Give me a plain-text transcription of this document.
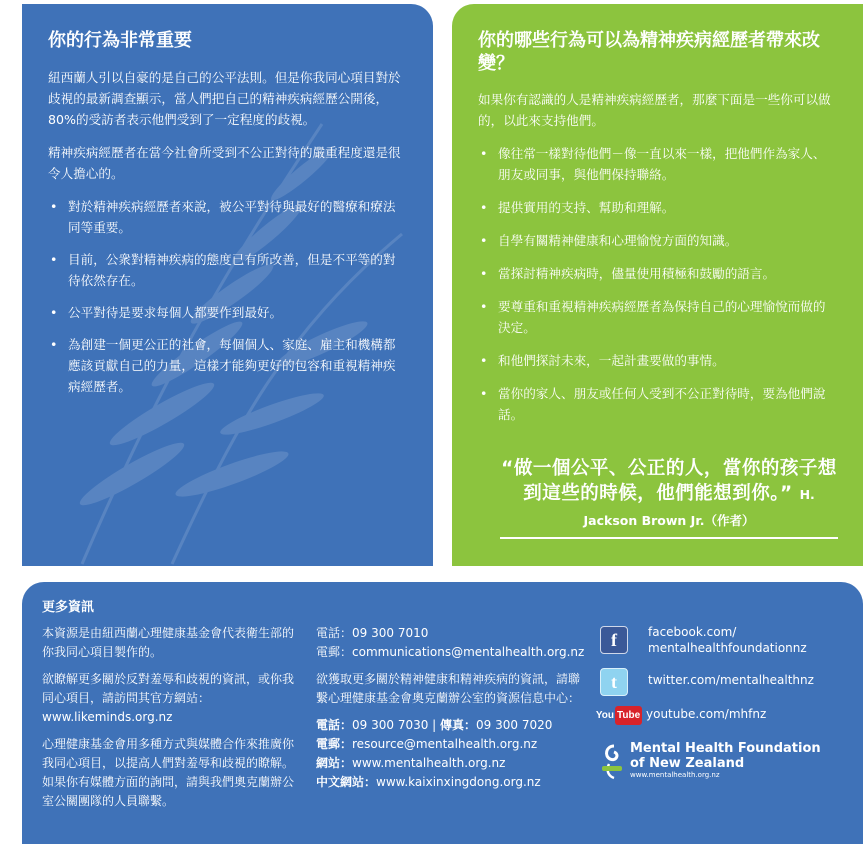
你的行為非常重要

紐西蘭人引以自豪的是自己的公平法則。但是你我同心項目對於歧視的最新調查顯示，當人們把自己的精神疾病經歷公開後，80%的受訪者表示他們受到了一定程度的歧視。

精神疾病經歷者在當今社會所受到不公正對待的嚴重程度還是很令人擔心的。

• 對於精神疾病經歷者來說，被公平對待與最好的醫療和療法同等重要。
• 目前，公衆對精神疾病的態度已有所改善，但是不平等的對待依然存在。
• 公平對待是要求每個人都要作到最好。
• 為創建一個更公正的社會，每個個人、家庭、雇主和機構都應該貢獻自己的力量，這樣才能夠更好的包容和重視精神疾病經歷者。
你的哪些行為可以為精神疾病經歷者帶來改變？

如果你有認識的人是精神疾病經歷者，那麼下面是一些你可以做的，以此來支持他們。

• 像往常一樣對待他們－像一直以來一樣，把他們作為家人、朋友或同事，與他們保持聯絡。
• 提供實用的支持、幫助和理解。
• 自學有關精神健康和心理愉悅方面的知識。
• 當探討精神疾病時，儘量使用積極和鼓勵的語言。
• 要尊重和重視精神疾病經歷者為保持自己的心理愉悅而做的決定。
• 和他們探討未來，一起計畫要做的事情。
• 當你的家人、朋友或任何人受到不公正對待時，要為他們說話。
“做一個公平、公正的人，當你的孩子想到這些的時候，他們能想到你。” H. Jackson Brown Jr.（作者）
更多資訊

本資源是由紐西蘭心理健康基金會代表衛生部的你我同心項目製作的。

欲瞭解更多關於反對羞辱和歧視的資訊，或你我同心項目，請訪問其官方網站：www.likeminds.org.nz

心理健康基金會用多種方式與媒體合作來推廣你我同心項目，以提高人們對羞辱和歧視的瞭解。如果你有媒體方面的詢問，請與我們奧克蘭辦公室公關團隊的人員聯繫。

電話：09 300 7010
電郵：communications@mentalhealth.org.nz

欲獲取更多關於精神健康和精神疾病的資訊，請聯繫心理健康基金會奧克蘭辦公室的資源信息中心：

電話：09 300 7030 | 傳真：09 300 7020
電郵：resource@mentalhealth.org.nz
網站：www.mentalhealth.org.nz
中文網站：www.kaixinxingdong.org.nz

f	facebook.com/
mentalhealthfoundationnz
t	twitter.com/mentalhealthnz
You Tube youtube.com/mhfnz
Mental Health Foundation
of New Zealand
www.mentalhealth.org.nz
